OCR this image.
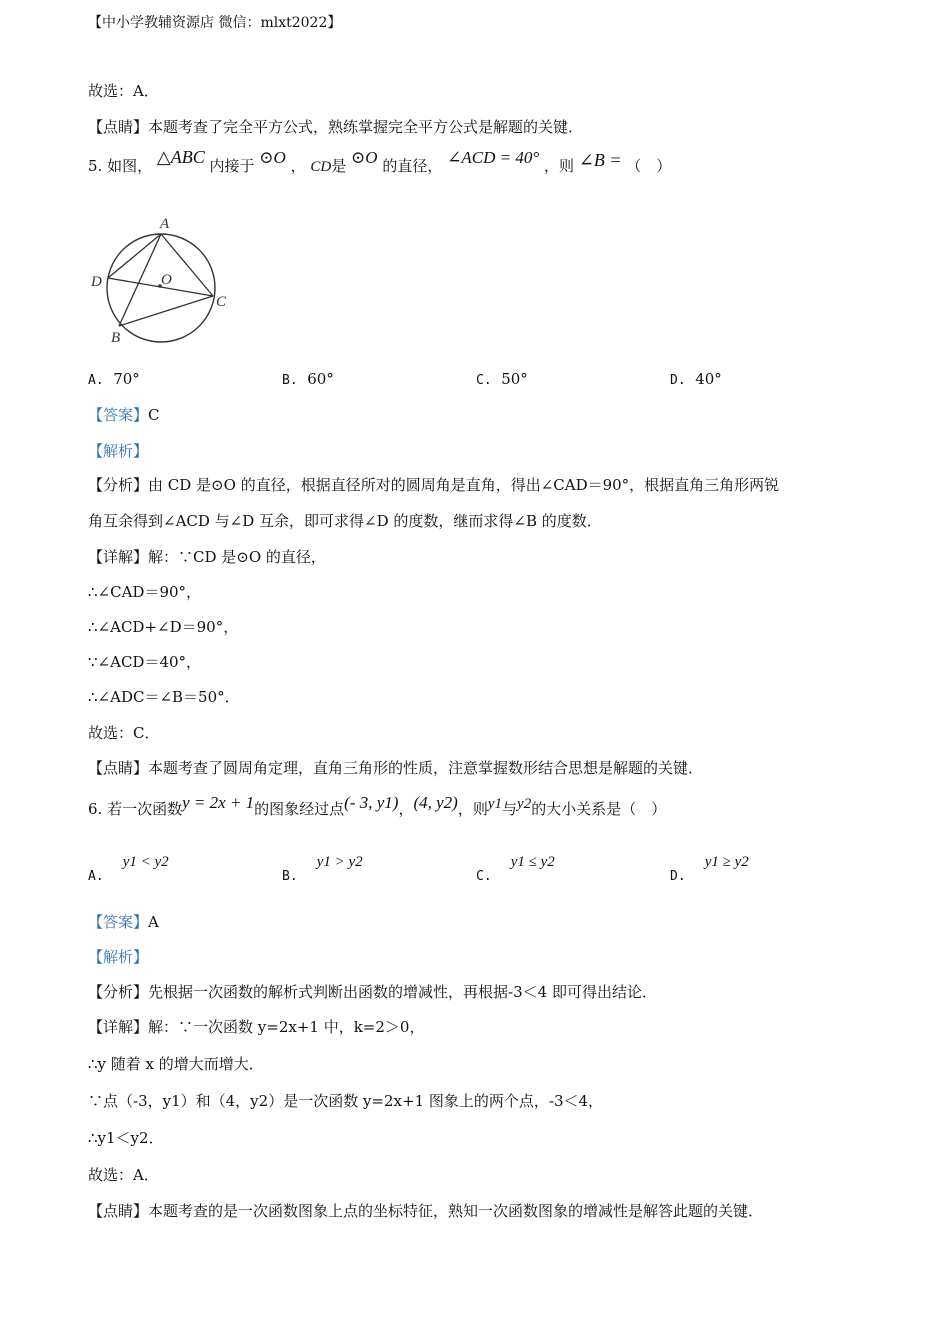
【中小学教辅资源店 微信：mlxt2022】
故选：A．
【点睛】本题考查了完全平方公式，熟练掌握完全平方公式是解题的关键．
5. 如图， △ABC 内接于 ⊙O ， CD是 ⊙O 的直径， ∠ACD = 40° ，则 ∠B = （　）
A
D	O
C
B
A. 70°	B. 60°	C. 50°	D. 40°
【答案】C
【解析】
【分析】由 CD 是⊙O 的直径，根据直径所对的圆周角是直角，得出∠CAD＝90°，根据直角三角形两锐
角互余得到∠ACD 与∠D 互余，即可求得∠D 的度数，继而求得∠B 的度数．
【详解】解：∵CD 是⊙O 的直径，
∴∠CAD＝90°，
∴∠ACD+∠D＝90°，
∵∠ACD＝40°，
∴∠ADC＝∠B＝50°．
故选：C．
【点睛】本题考查了圆周角定理，直角三角形的性质，注意掌握数形结合思想是解题的关键．
6. 若一次函数y = 2x + 1的图象经过点(- 3, y1)，(4, y2)，则y1与y2的大小关系是（　）
A.    y1 < y2
B.    y1 > y2
C.    y1 ≤ y2
D.    y1 ≥ y2
【答案】A
【解析】
【分析】先根据一次函数的解析式判断出函数的增减性，再根据-3＜4 即可得出结论．
【详解】解：∵一次函数 y=2x+1 中，k=2＞0，
∴y 随着 x 的增大而增大．
∵点（-3，y1）和（4，y2）是一次函数 y=2x+1 图象上的两个点，-3＜4，
∴y1＜y2．
故选：A．
【点睛】本题考查的是一次函数图象上点的坐标特征，熟知一次函数图象的增减性是解答此题的关键．
